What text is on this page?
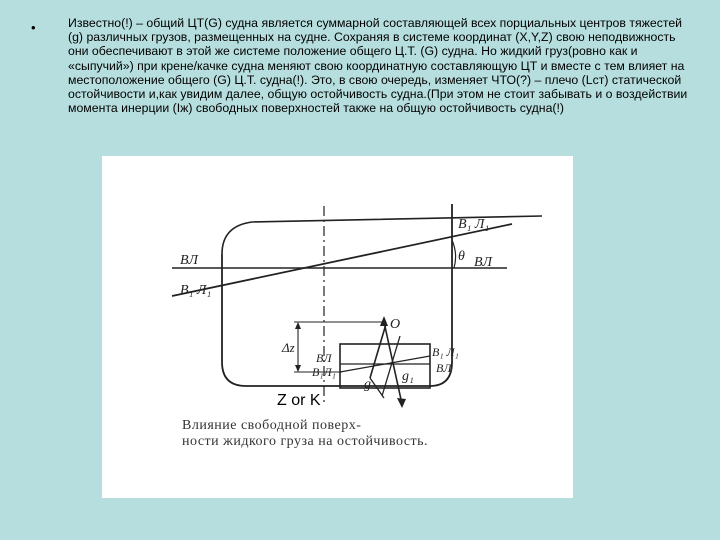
•	Известно(!) – общий ЦТ(G) судна является суммарной составляющей всех порциальных центров тяжестей (g) различных грузов, размещенных на судне. Сохраняя в системе координат (X,Y,Z) свою неподвижность они обеспечивают в этой же системе положение общего Ц.Т. (G) судна. Но жидкий груз(ровно как и «сыпучий») при крене/качке судна меняют свою координатную составляющую ЦТ и вместе с тем влияет на местоположение общего (G) Ц.Т. судна(!). Это, в свою очередь, изменяет ЧТО(?) – плечо (Lст) статической остойчивости и,как увидим далее, общую остойчивость судна.(При этом не стоит забывать и о воздействии момента инерции (Iж) свободных поверхностей также на общую остойчивость судна(!)
B₁ Л₁
θ
ВЛ	ВЛ
B₁ Л₁
О
Δz
ВЛ
B₁Л₁
B₁ Л₁
ВЛ
g
g₁
Z or K
Влияние свободной поверх-
ности жидкого груза на остойчивость.
